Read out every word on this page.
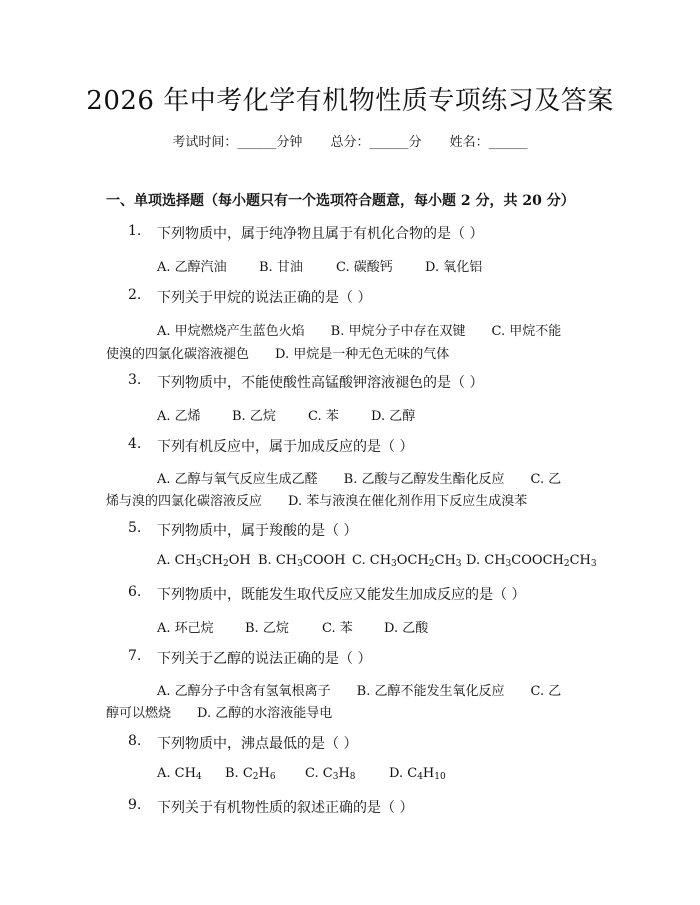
2026 年中考化学有机物性质专项练习及答案
考试时间：______分钟 总分：______分 姓名：______
一、单项选择题（每小题只有一个选项符合题意，每小题 2 分，共 20 分）
1. 下列物质中，属于纯净物且属于有机化合物的是（ ）
A. 乙醇汽油 B. 甘油	C. 碳酸钙 D. 氧化铝
2. 下列关于甲烷的说法正确的是（ ）
A. 甲烷燃烧产生蓝色火焰　　B. 甲烷分子中存在双键　　C. 甲烷不能
使溴的四氯化碳溶液褪色　　D. 甲烷是一种无色无味的气体
3. 下列物质中，不能使酸性高锰酸钾溶液褪色的是（ ）
A. 乙烯 B. 乙烷 C. 苯 D. 乙醇
4. 下列有机反应中，属于加成反应的是（ ）
A. 乙醇与氧气反应生成乙醛　　B. 乙酸与乙醇发生酯化反应　　C. 乙
烯与溴的四氯化碳溶液反应　　D. 苯与液溴在催化剂作用下反应生成溴苯
5. 下列物质中，属于羧酸的是（ ）
A. $CH_3CH_2OH$ B. $CH_3COOH$ C. $CH_3OCH_2CH_3$ D. $CH_3COOCH_2CH_3$
6. 下列物质中，既能发生取代反应又能发生加成反应的是（ ）
A. 环己烷 B. 乙烷	C. 苯 D. 乙酸
7. 下列关于乙醇的说法正确的是（ ）
A. 乙醇分子中含有氢氧根离子　　B. 乙醇不能发生氧化反应　　C. 乙
醇可以燃烧　　D. 乙醇的水溶液能导电
8. 下列物质中，沸点最低的是（ ）
A. $CH_4$ B. $C_2H_6$ C. $C_3H_8$	D. $C_4H_{10}$
9. 下列关于有机物性质的叙述正确的是（ ）
